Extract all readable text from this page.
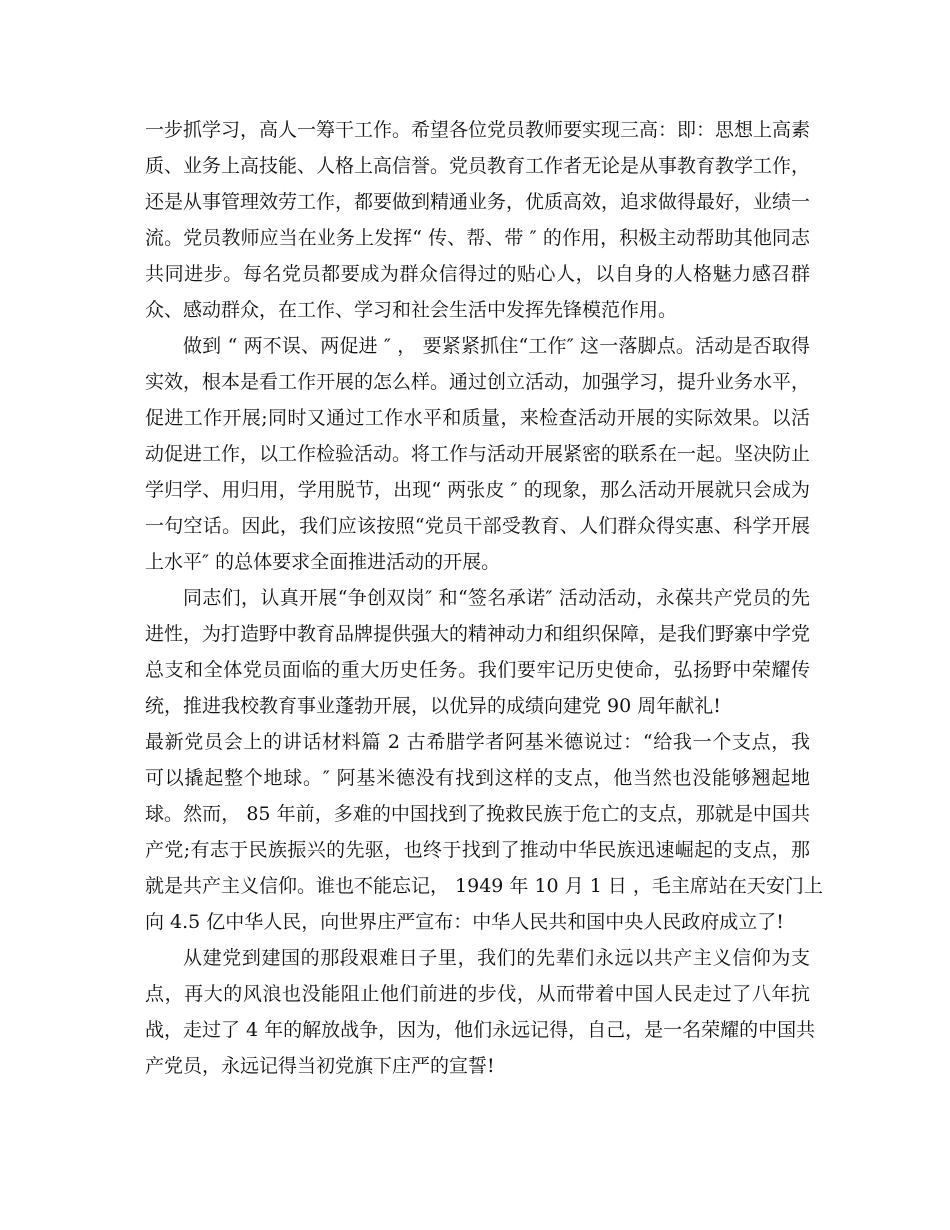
一步抓学习，高人一筹干工作。希望各位党员教师要实现三高：即：思想上高素
质、业务上高技能、人格上高信誉。党员教育工作者无论是从事教育教学工作，
还是从事管理效劳工作，都要做到精通业务，优质高效，追求做得最好，业绩一
流。党员教师应当在业务上发挥“ 传、帮、带 ″ 的作用，积极主动帮助其他同志
共同进步。每名党员都要成为群众信得过的贴心人，以自身的人格魅力感召群
众、感动群众，在工作、学习和社会生活中发挥先锋模范作用。
做到 “ 两不误、两促进 ″ ， 要紧紧抓住“工作″ 这一落脚点。活动是否取得
实效，根本是看工作开展的怎么样。通过创立活动，加强学习，提升业务水平，
促进工作开展;同时又通过工作水平和质量，来检查活动开展的实际效果。以活
动促进工作，以工作检验活动。将工作与活动开展紧密的联系在一起。坚决防止
学归学、用归用，学用脱节，出现“ 两张皮 ″ 的现象，那么活动开展就只会成为
一句空话。因此，我们应该按照“党员干部受教育、人们群众得实惠、科学开展
上水平″ 的总体要求全面推进活动的开展。
同志们，认真开展“争创双岗″ 和“签名承诺″ 活动活动，永葆共产党员的先
进性，为打造野中教育品牌提供强大的精神动力和组织保障，是我们野寨中学党
总支和全体党员面临的重大历史任务。我们要牢记历史使命，弘扬野中荣耀传
统，推进我校教育事业蓬勃开展，以优异的成绩向建党 90 周年献礼!
最新党员会上的讲话材料篇 2 古希腊学者阿基米德说过：“给我一个支点，我
可以撬起整个地球。″ 阿基米德没有找到这样的支点，他当然也没能够翘起地
球。然而， 85 年前，多难的中国找到了挽救民族于危亡的支点，那就是中国共
产党;有志于民族振兴的先驱，也终于找到了推动中华民族迅速崛起的支点，那
就是共产主义信仰。谁也不能忘记， 1949 年 10 月 1 日 ，毛主席站在天安门上
向 4.5 亿中华人民，向世界庄严宣布：中华人民共和国中央人民政府成立了!
从建党到建国的那段艰难日子里，我们的先辈们永远以共产主义信仰为支
点，再大的风浪也没能阻止他们前进的步伐，从而带着中国人民走过了八年抗
战，走过了 4 年的解放战争，因为，他们永远记得，自己，是一名荣耀的中国共
产党员，永远记得当初党旗下庄严的宣誓!
